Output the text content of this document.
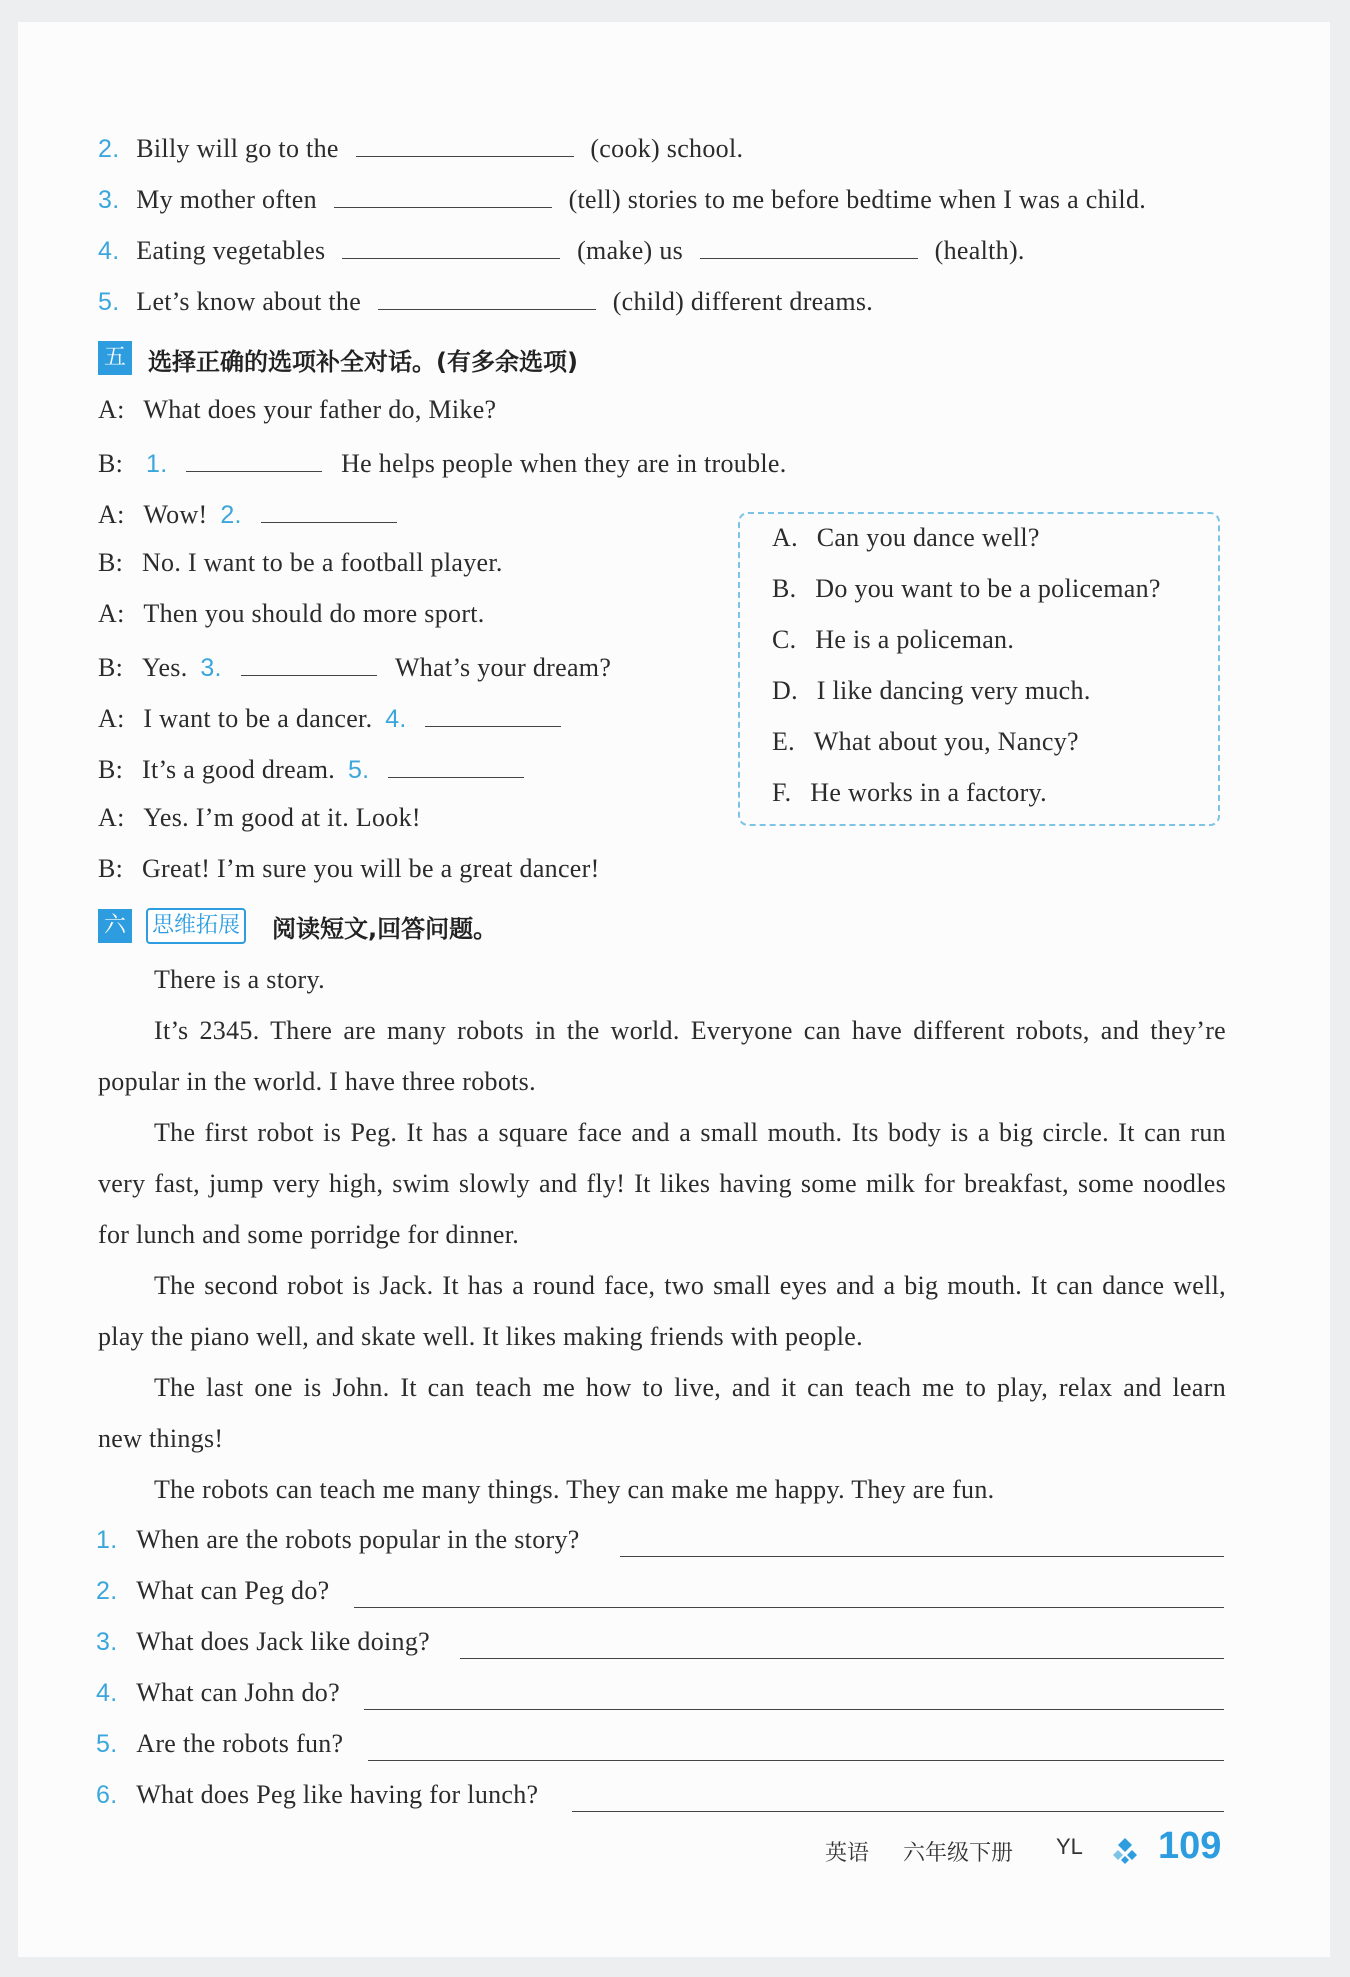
2. Billy will go to the	(cook) school.
3. My mother often	(tell) stories to me before bedtime when I was a child.
4. Eating vegetables	(make) us	(health).
5. Let’s know about the	(child) different dreams.
五 选择正确的选项补全对话。(有多余选项)
A: What does your father do, Mike?
B: 1.	He helps people when they are in trouble.
A: Wow! 2.
B: No. I want to be a football player.
A: Then you should do more sport.
B: Yes. 3.	What’s your dream?
A: I want to be a dancer. 4.
B: It’s a good dream. 5.
A: Yes. I’m good at it. Look!
B: Great! I’m sure you will be a great dancer!
A. Can you dance well?
B. Do you want to be a policeman?
C. He is a policeman.
D. I like dancing very much.
E. What about you, Nancy?
F. He works in a factory.
六 思维拓展 阅读短文,回答问题。
There is a story.
It’s 2345. There are many robots in the world. Everyone can have different robots, and they’re
popular in the world. I have three robots.
The first robot is Peg. It has a square face and a small mouth. Its body is a big circle. It can run
very fast, jump very high, swim slowly and fly! It likes having some milk for breakfast, some noodles
for lunch and some porridge for dinner.
The second robot is Jack. It has a round face, two small eyes and a big mouth. It can dance well,
play the piano well, and skate well. It likes making friends with people.
The last one is John. It can teach me how to live, and it can teach me to play, relax and learn
new things!
The robots can teach me many things. They can make me happy. They are fun.
1. When are the robots popular in the story?
2. What can Peg do?
3. What does Jack like doing?
4. What can John do?
5. Are the robots fun?
6. What does Peg like having for lunch?
英语 六年级下册 YL 109
